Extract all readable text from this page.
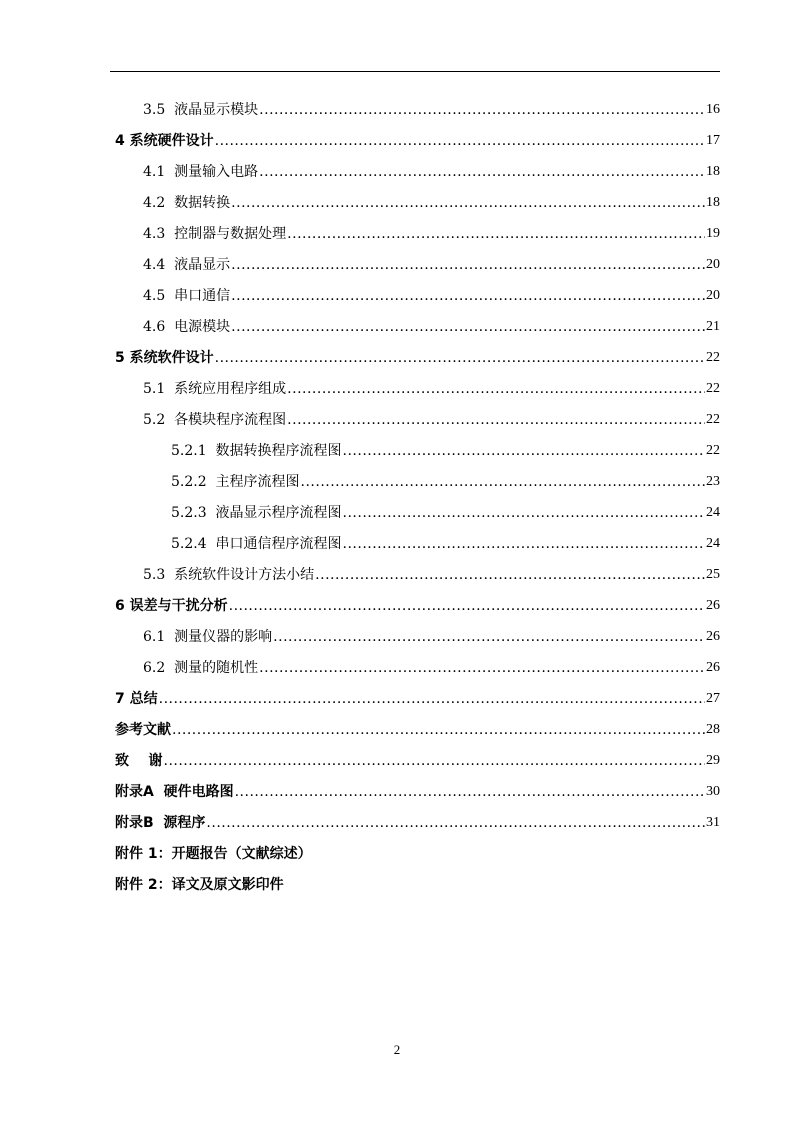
3.5  液晶显示模块 .....	16
4 系统硬件设计 .....	17
4.1  测量输入电路 .....	18
4.2  数据转换 .....	18
4.3  控制器与数据处理 .....	19
4.4  液晶显示 .....	20
4.5  串口通信 .....	20
4.6  电源模块 .....	21
5 系统软件设计 .....	22
5.1  系统应用程序组成 .....	22
5.2  各模块程序流程图 .....	22
5.2.1  数据转换程序流程图 .....	22
5.2.2  主程序流程图 .....	23
5.2.3  液晶显示程序流程图 .....	24
5.2.4  串口通信程序流程图 .....	24
5.3  系统软件设计方法小结 .....	25
6 误差与干扰分析 .....	26
6.1  测量仪器的影响 .....	26
6.2  测量的随机性 .....	26
7 总结 .....	27
参考文献 .....	28
致    谢 .....	29
附录A  硬件电路图 .....	30
附录B  源程序 .....	31
附件 1：开题报告（文献综述）
附件 2：译文及原文影印件
2
